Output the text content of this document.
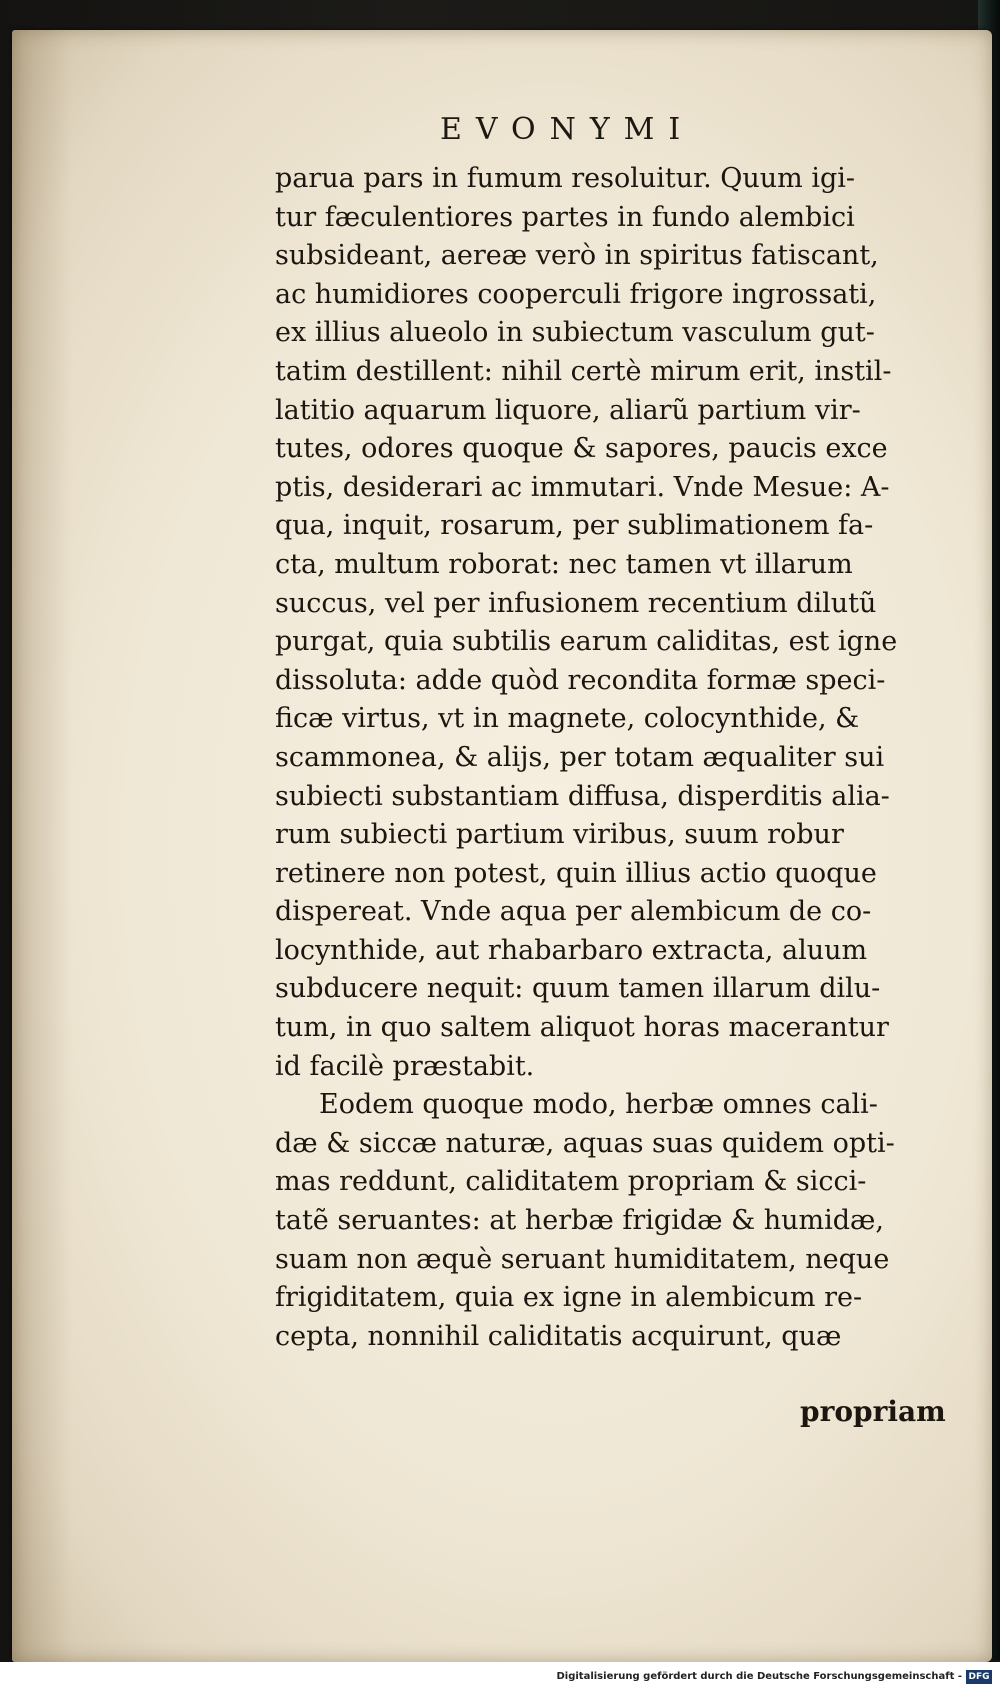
EVONYMI
parua pars in fumum resoluitur. Quum igi-
tur fæculentiores partes in fundo alembici
subsideant, aereæ verò in spiritus fatiscant,
ac humidiores cooperculi frigore ingrossati,
ex illius alueolo in subiectum vasculum gut-
tatim destillent: nihil certè mirum erit, instil-
latitio aquarum liquore, aliarũ partium vir-
tutes, odores quoque & sapores, paucis exce
ptis, desiderari ac immutari. Vnde Mesue: A-
qua, inquit, rosarum, per sublimationem fa-
cta, multum roborat: nec tamen vt illarum
succus, vel per infusionem recentium dilutũ
purgat, quia subtilis earum caliditas, est igne
dissoluta: adde quòd recondita formæ speci-
ficæ virtus, vt in magnete, colocynthide, &
scammonea, & alijs, per totam æqualiter sui
subiecti substantiam diffusa, disperditis alia-
rum subiecti partium viribus, suum robur
retinere non potest, quin illius actio quoque
dispereat. Vnde aqua per alembicum de co-
locynthide, aut rhabarbaro extracta, aluum
subducere nequit: quum tamen illarum dilu-
tum, in quo saltem aliquot horas macerantur
id facilè præstabit.
Eodem quoque modo, herbæ omnes cali-
dæ & siccæ naturæ, aquas suas quidem opti-
mas reddunt, caliditatem propriam & sicci-
tatẽ seruantes: at herbæ frigidæ & humidæ,
suam non æquè seruant humiditatem, neque
frigiditatem, quia ex igne in alembicum re-
cepta, nonnihil caliditatis acquirunt, quæ
propriam
Digitalisierung gefördert durch die Deutsche Forschungsgemeinschaft - DFG
